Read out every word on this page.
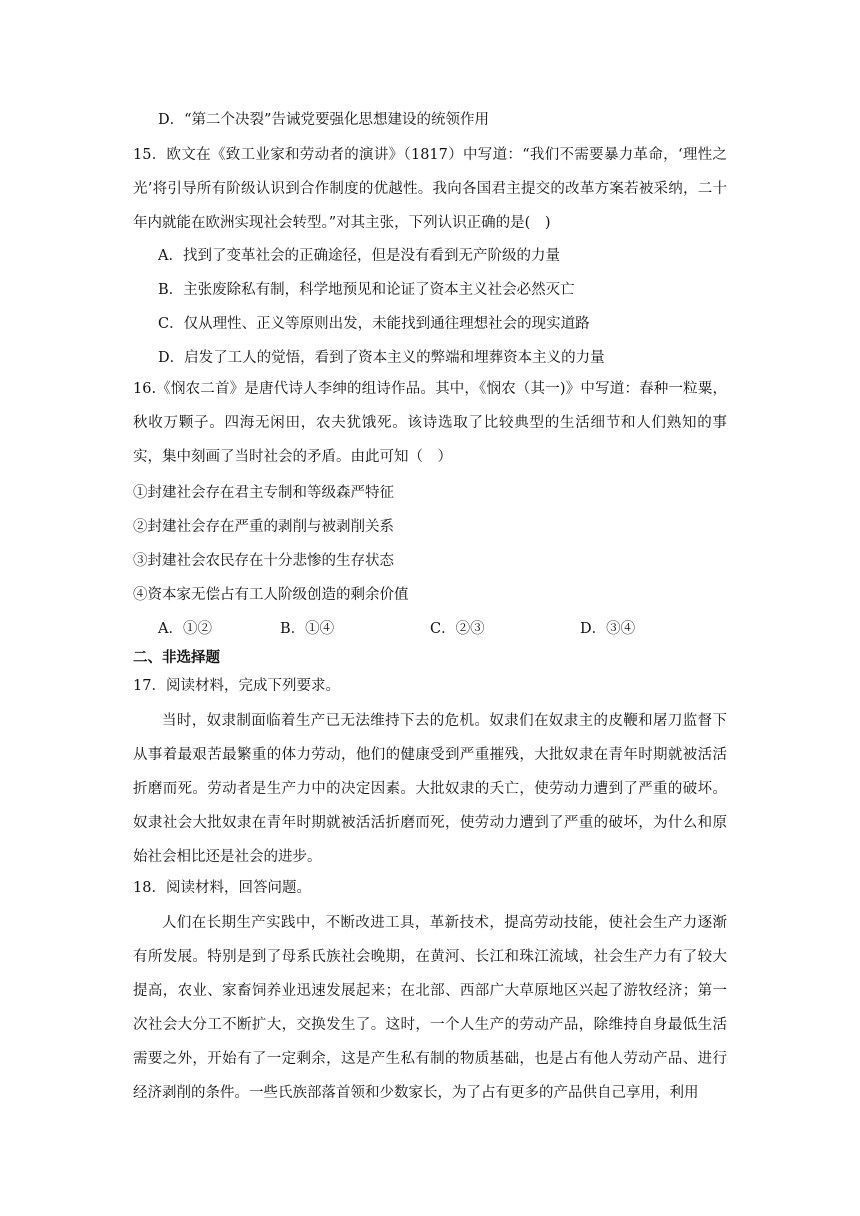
D．“第二个决裂”告诫党要强化思想建设的统领作用
15．欧文在《致工业家和劳动者的演讲》（1817）中写道：“我们不需要暴力革命，‘理性之光’将引导所有阶级认识到合作制度的优越性。我向各国君主提交的改革方案若被采纳，二十年内就能在欧洲实现社会转型。”对其主张，下列认识正确的是(　)
A．找到了变革社会的正确途径，但是没有看到无产阶级的力量
B．主张废除私有制，科学地预见和论证了资本主义社会必然灭亡
C．仅从理性、正义等原则出发，未能找到通往理想社会的现实道路
D．启发了工人的觉悟，看到了资本主义的弊端和埋葬资本主义的力量
16.《悯农二首》是唐代诗人李绅的组诗作品。其中，《悯农（其一)》中写道：春种一粒粟，秋收万颗子。四海无闲田，农夫犹饿死。该诗选取了比较典型的生活细节和人们熟知的事实，集中刻画了当时社会的矛盾。由此可知（　）
①封建社会存在君主专制和等级森严特征
②封建社会存在严重的剥削与被剥削关系
③封建社会农民存在十分悲惨的生存状态
④资本家无偿占有工人阶级创造的剩余价值
A．①②	B．①④	C．②③	D．③④
二、非选择题
17．阅读材料，完成下列要求。
当时，奴隶制面临着生产已无法维持下去的危机。奴隶们在奴隶主的皮鞭和屠刀监督下从事着最艰苦最繁重的体力劳动，他们的健康受到严重摧残，大批奴隶在青年时期就被活活折磨而死。劳动者是生产力中的决定因素。大批奴隶的夭亡，使劳动力遭到了严重的破坏。奴隶社会大批奴隶在青年时期就被活活折磨而死，使劳动力遭到了严重的破坏，为什么和原始社会相比还是社会的进步。
18．阅读材料，回答问题。
人们在长期生产实践中，不断改进工具，革新技术，提高劳动技能，使社会生产力逐渐有所发展。特别是到了母系氏族社会晚期，在黄河、长江和珠江流域，社会生产力有了较大提高，农业、家畜饲养业迅速发展起来；在北部、西部广大草原地区兴起了游牧经济；第一次社会大分工不断扩大，交换发生了。这时，一个人生产的劳动产品，除维持自身最低生活需要之外，开始有了一定剩余，这是产生私有制的物质基础，也是占有他人劳动产品、进行经济剥削的条件。一些氏族部落首领和少数家长，为了占有更多的产品供自己享用，利用
